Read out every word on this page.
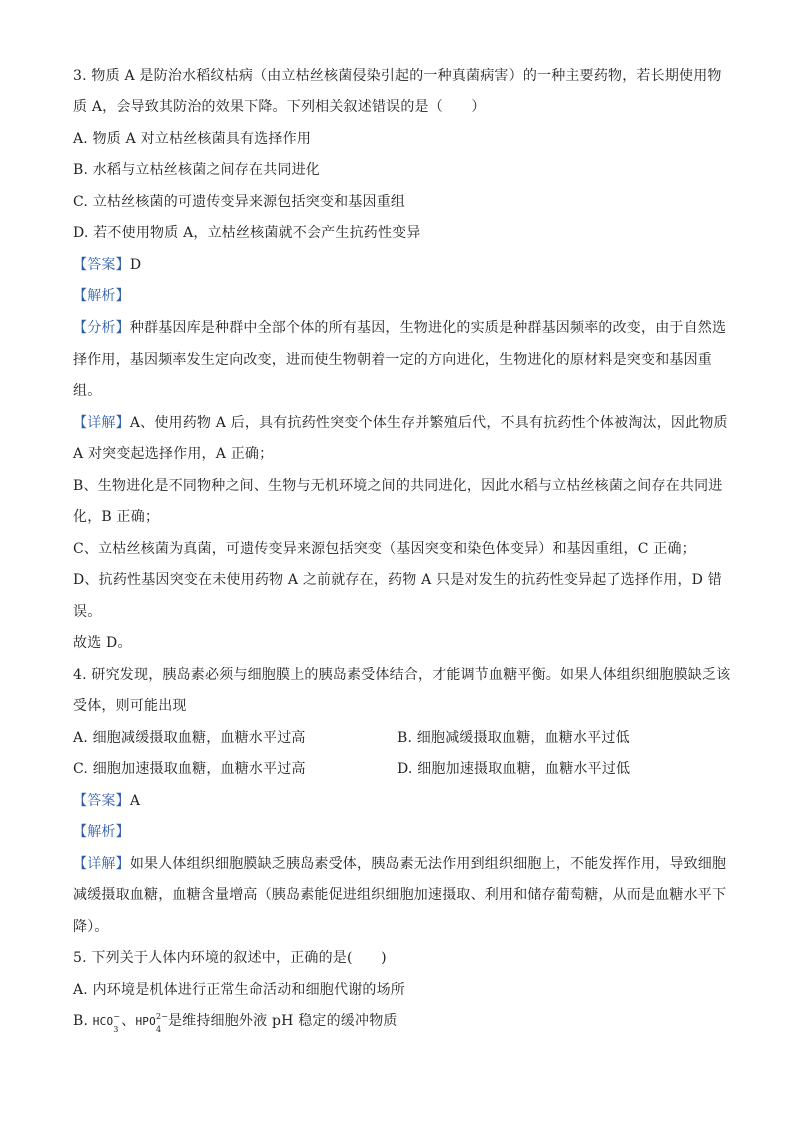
3. 物质 A 是防治水稻纹枯病（由立枯丝核菌侵染引起的一种真菌病害）的一种主要药物，若长期使用物
质 A，会导致其防治的效果下降。下列相关叙述错误的是（　　）
A. 物质 A 对立枯丝核菌具有选择作用
B. 水稻与立枯丝核菌之间存在共同进化
C. 立枯丝核菌的可遗传变异来源包括突变和基因重组
D. 若不使用物质 A，立枯丝核菌就不会产生抗药性变异
【答案】D
【解析】
【分析】种群基因库是种群中全部个体的所有基因，生物进化的实质是种群基因频率的改变，由于自然选
择作用，基因频率发生定向改变，进而使生物朝着一定的方向进化，生物进化的原材料是突变和基因重
组。
【详解】A、使用药物 A 后，具有抗药性突变个体生存并繁殖后代，不具有抗药性个体被淘汰，因此物质
A 对突变起选择作用，A 正确；
B、生物进化是不同物种之间、生物与无机环境之间的共同进化，因此水稻与立枯丝核菌之间存在共同进
化，B 正确；
C、立枯丝核菌为真菌，可遗传变异来源包括突变（基因突变和染色体变异）和基因重组，C 正确；
D、抗药性基因突变在未使用药物 A 之前就存在，药物 A 只是对发生的抗药性变异起了选择作用，D 错
误。
故选 D。
4. 研究发现，胰岛素必须与细胞膜上的胰岛素受体结合，才能调节血糖平衡。如果人体组织细胞膜缺乏该
受体，则可能出现
A. 细胞减缓摄取血糖，血糖水平过高	B. 细胞减缓摄取血糖，血糖水平过低
C. 细胞加速摄取血糖，血糖水平过高	D. 细胞加速摄取血糖，血糖水平过低
【答案】A
【解析】
【详解】如果人体组织细胞膜缺乏胰岛素受体，胰岛素无法作用到组织细胞上，不能发挥作用，导致细胞
减缓摄取血糖，血糖含量增高（胰岛素能促进组织细胞加速摄取、利用和储存葡萄糖，从而是血糖水平下
降）。
5. 下列关于人体内环境的叙述中，正确的是(　　)
A. 内环境是机体进行正常生命活动和细胞代谢的场所
B. HCO −
3
、HPO 2−
4
是维持细胞外液 pH 稳定的缓冲物质
